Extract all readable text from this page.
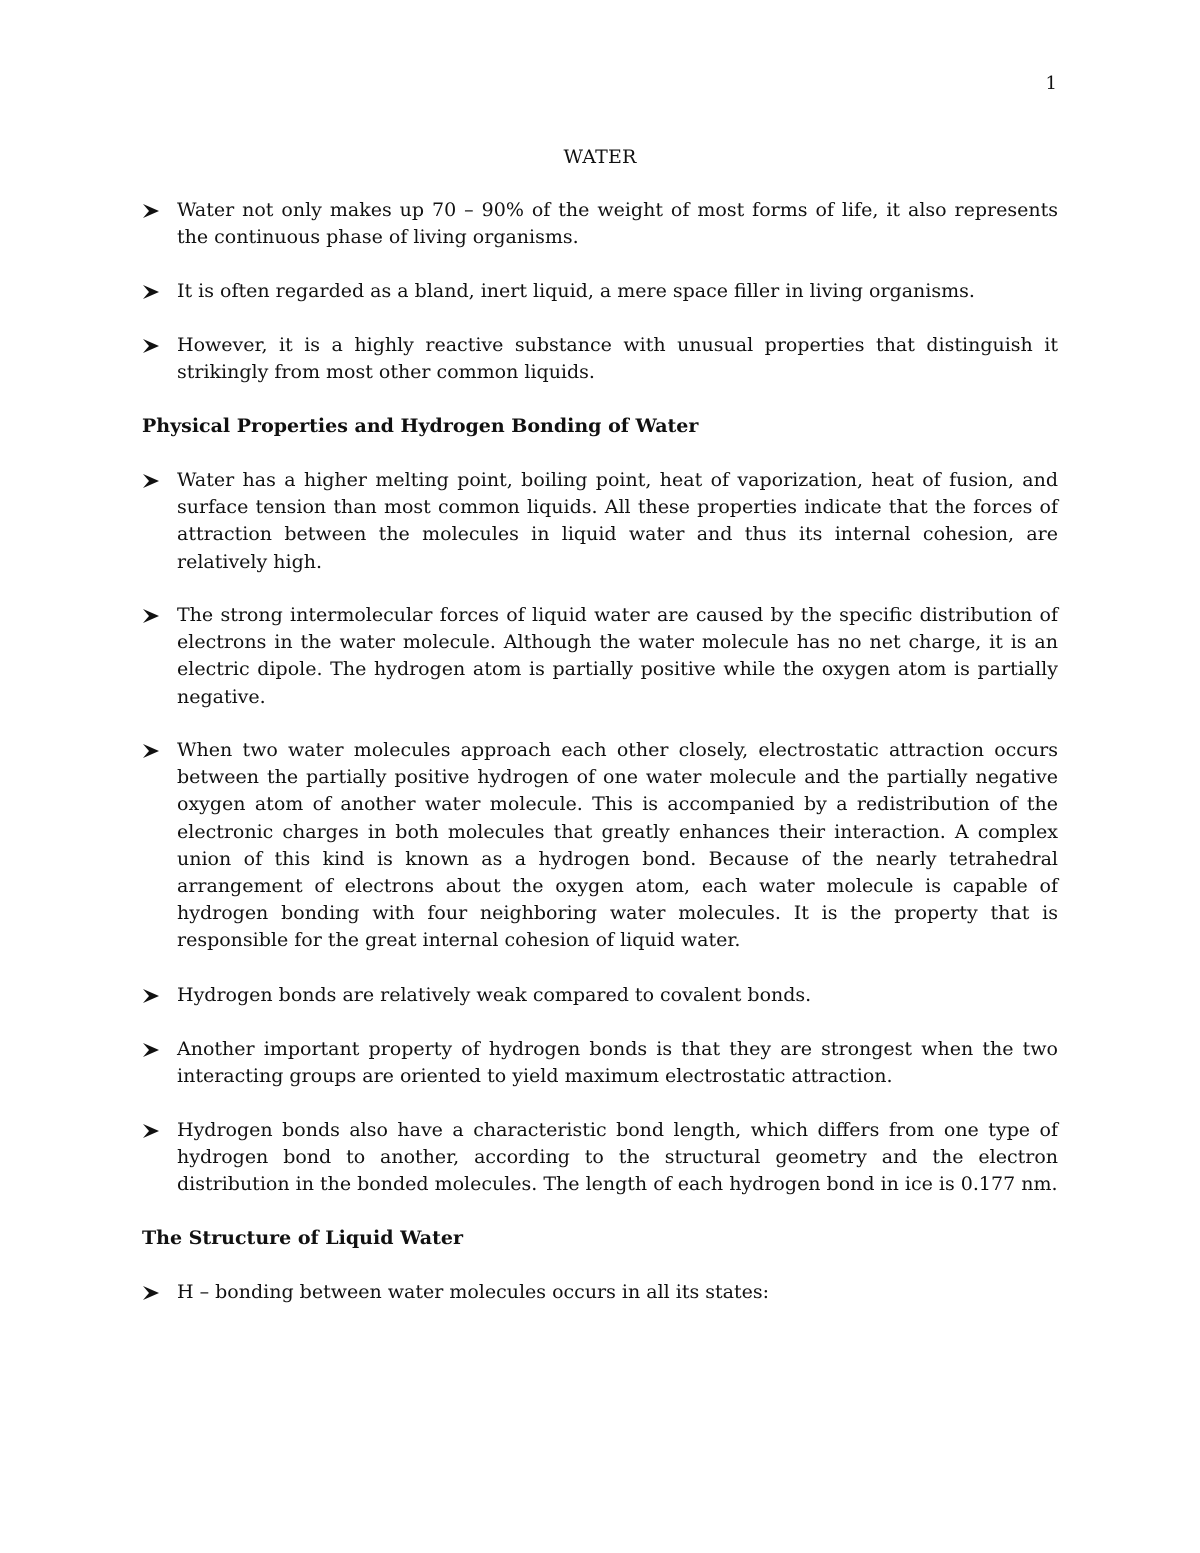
1
WATER
Water not only makes up 70 – 90% of the weight of most forms of life, it also represents the continuous phase of living organisms.
It is often regarded as a bland, inert liquid, a mere space filler in living organisms.
However, it is a highly reactive substance with unusual properties that distinguish it strikingly from most other common liquids.
Physical Properties and Hydrogen Bonding of Water
Water has a higher melting point, boiling point, heat of vaporization, heat of fusion, and surface tension than most common liquids. All these properties indicate that the forces of attraction between the molecules in liquid water and thus its internal cohesion, are relatively high.
The strong intermolecular forces of liquid water are caused by the specific distribution of electrons in the water molecule. Although the water molecule has no net charge, it is an electric dipole. The hydrogen atom is partially positive while the oxygen atom is partially negative.
When two water molecules approach each other closely, electrostatic attraction occurs between the partially positive hydrogen of one water molecule and the partially negative oxygen atom of another water molecule. This is accompanied by a redistribution of the electronic charges in both molecules that greatly enhances their interaction. A complex union of this kind is known as a hydrogen bond. Because of the nearly tetrahedral arrangement of electrons about the oxygen atom, each water molecule is capable of hydrogen bonding with four neighboring water molecules. It is the property that is responsible for the great internal cohesion of liquid water.
Hydrogen bonds are relatively weak compared to covalent bonds.
Another important property of hydrogen bonds is that they are strongest when the two interacting groups are oriented to yield maximum electrostatic attraction.
Hydrogen bonds also have a characteristic bond length, which differs from one type of hydrogen bond to another, according to the structural geometry and the electron distribution in the bonded molecules. The length of each hydrogen bond in ice is 0.177 nm.
The Structure of Liquid Water
H – bonding between water molecules occurs in all its states:
